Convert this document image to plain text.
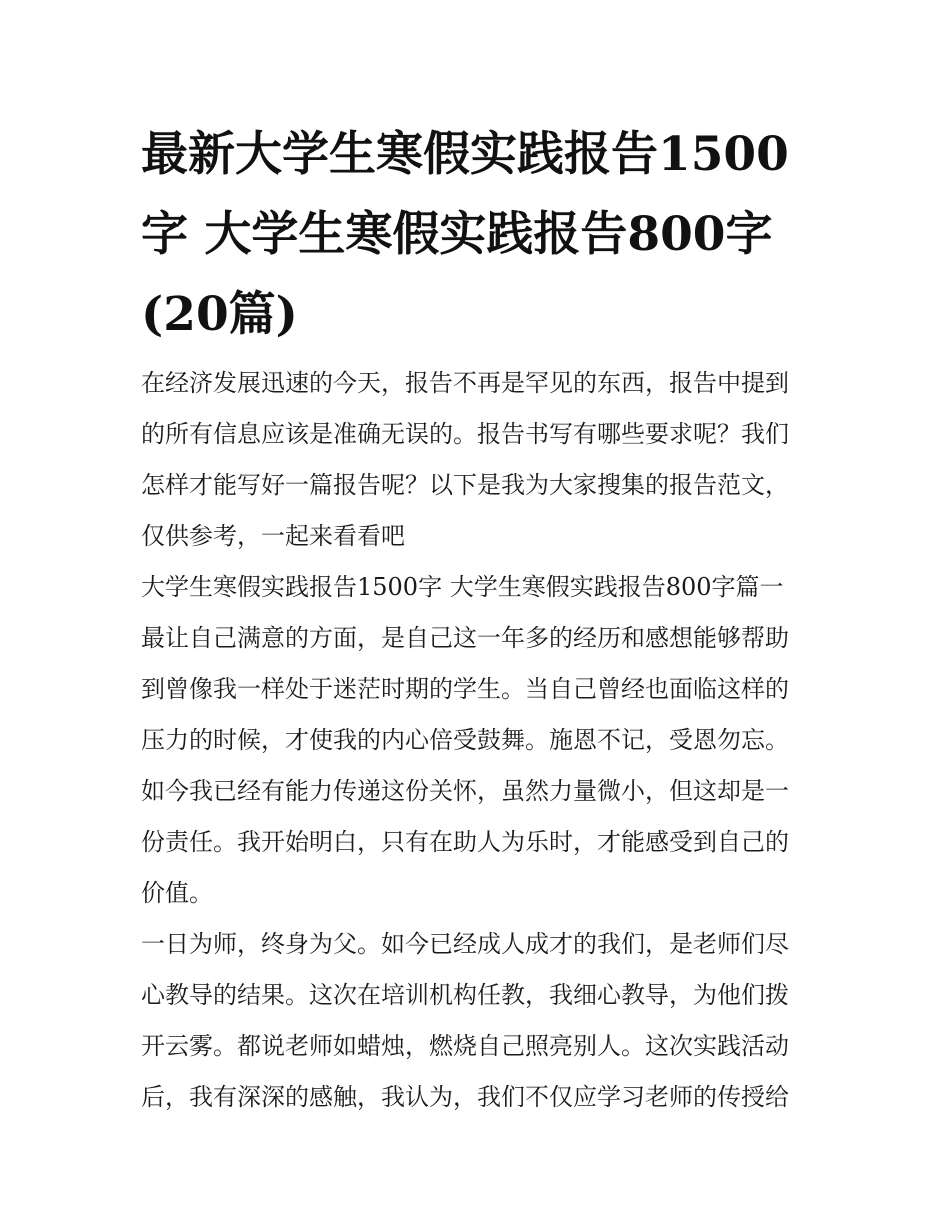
最新大学生寒假实践报告1500
字 大学生寒假实践报告800字
(20篇)

在经济发展迅速的今天，报告不再是罕见的东西，报告中提到
的所有信息应该是准确无误的。报告书写有哪些要求呢？我们
怎样才能写好一篇报告呢？以下是我为大家搜集的报告范文，
仅供参考，一起来看看吧

大学生寒假实践报告1500字 大学生寒假实践报告800字篇一

最让自己满意的方面，是自己这一年多的经历和感想能够帮助
到曾像我一样处于迷茫时期的学生。当自己曾经也面临这样的
压力的时候，才使我的内心倍受鼓舞。施恩不记，受恩勿忘。
如今我已经有能力传递这份关怀，虽然力量微小，但这却是一
份责任。我开始明白，只有在助人为乐时，才能感受到自己的
价值。

一日为师，终身为父。如今已经成人成才的我们，是老师们尽
心教导的结果。这次在培训机构任教，我细心教导，为他们拨
开云雾。都说老师如蜡烛，燃烧自己照亮别人。这次实践活动
后，我有深深的感触，我认为，我们不仅应学习老师的传授给
